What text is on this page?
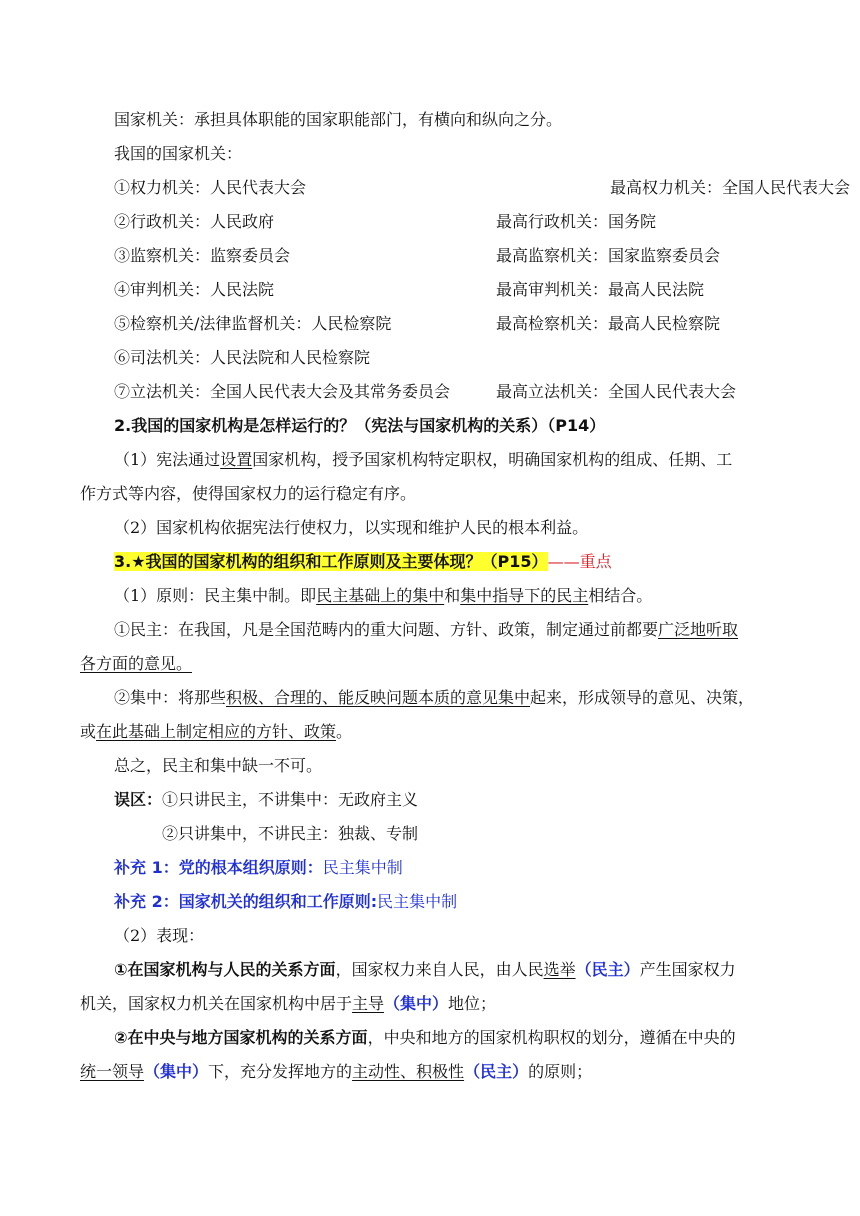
国家机关：承担具体职能的国家职能部门，有横向和纵向之分。
我国的国家机关：
①权力机关：人民代表大会	最高权力机关：全国人民代表大会
②行政机关：人民政府	最高行政机关：国务院
③监察机关：监察委员会	最高监察机关：国家监察委员会
④审判机关：人民法院	最高审判机关：最高人民法院
⑤检察机关/法律监督机关：人民检察院	最高检察机关：最高人民检察院
⑥司法机关：人民法院和人民检察院
⑦立法机关：全国人民代表大会及其常务委员会	最高立法机关：全国人民代表大会
2.我国的国家机构是怎样运行的？（宪法与国家机构的关系）（P14）
（1）宪法通过设置国家机构，授予国家机构特定职权，明确国家机构的组成、任期、工
作方式等内容，使得国家权力的运行稳定有序。
（2）国家机构依据宪法行使权力，以实现和维护人民的根本利益。
3.★我国的国家机构的组织和工作原则及主要体现？（P15）——重点
（1）原则：民主集中制。即民主基础上的集中和集中指导下的民主相结合。
①民主：在我国，凡是全国范畴内的重大问题、方针、政策，制定通过前都要广泛地听取
各方面的意见。
②集中：将那些积极、合理的、能反映问题本质的意见集中起来，形成领导的意见、决策，
或在此基础上制定相应的方针、政策。
总之，民主和集中缺一不可。
误区：①只讲民主，不讲集中：无政府主义
②只讲集中，不讲民主：独裁、专制
补充 1：党的根本组织原则：民主集中制
补充 2：国家机关的组织和工作原则:民主集中制
（2）表现：
①在国家机构与人民的关系方面，国家权力来自人民，由人民选举（民主）产生国家权力
机关，国家权力机关在国家机构中居于主导（集中）地位；
②在中央与地方国家机构的关系方面，中央和地方的国家机构职权的划分，遵循在中央的
统一领导（集中）下，充分发挥地方的主动性、积极性（民主）的原则；
